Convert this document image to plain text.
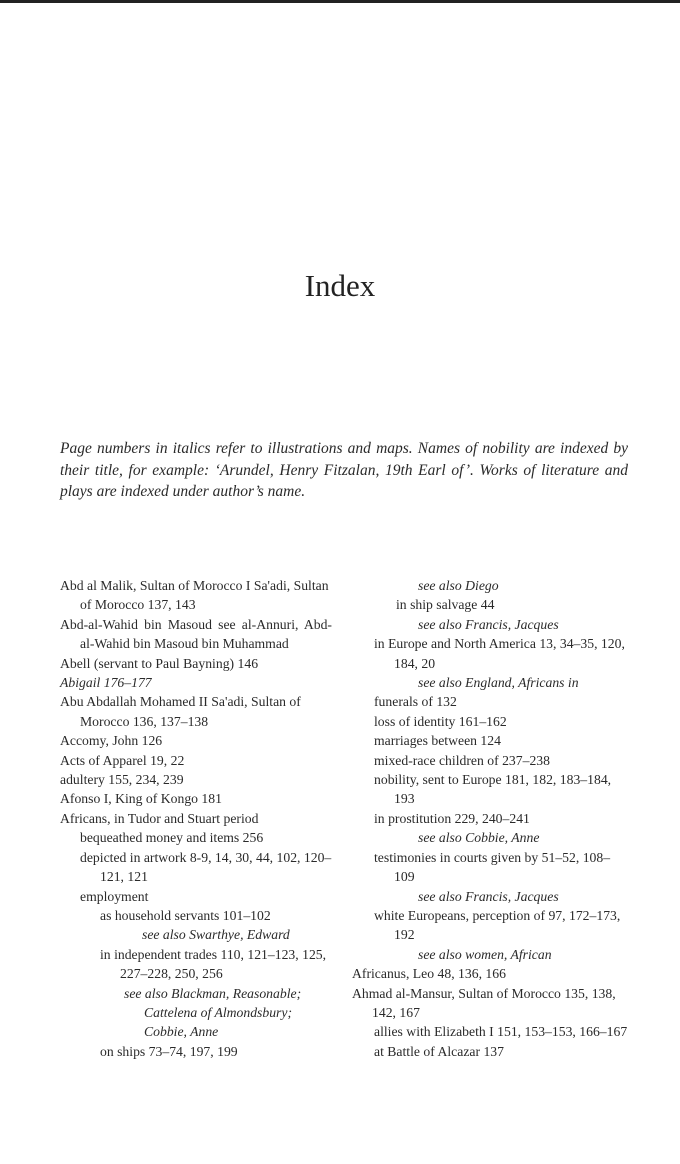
Index

Page numbers in italics refer to illustrations and maps. Names of nobility are indexed by their title, for example: ‘Arundel, Henry Fitzalan, 19th Earl of’. Works of literature and plays are indexed under author’s name.

Abd al Malik, Sultan of Morocco I Sa'adi, Sultan of Morocco 137, 143

Abd-al-Wahid bin Masoud see al-Annuri, Abd-al-Wahid bin Masoud bin Muhammad

Abell (servant to Paul Bayning) 146

Abigail 176–177

Abu Abdallah Mohamed II Sa'adi, Sultan of Morocco 136, 137–138

Accomy, John 126

Acts of Apparel 19, 22

adultery 155, 234, 239

Afonso I, King of Kongo 181

Africans, in Tudor and Stuart period

bequeathed money and items 256

depicted in artwork 8-9, 14, 30, 44, 102, 120–121, 121

employment

as household servants 101–102

see also Swarthye, Edward

in independent trades 110, 121–123, 125, 227–228, 250, 256

see also Blackman, Reasonable; Cattelena of Almondsbury; Cobbie, Anne

on ships 73–74, 197, 199

see also Diego

in ship salvage 44

see also Francis, Jacques

in Europe and North America 13, 34–35, 120, 184, 20

see also England, Africans in

funerals of 132

loss of identity 161–162

marriages between 124

mixed-race children of 237–238

nobility, sent to Europe 181, 182, 183–184, 193

in prostitution 229, 240–241

see also Cobbie, Anne

testimonies in courts given by 51–52, 108–109

see also Francis, Jacques

white Europeans, perception of 97, 172–173, 192

see also women, African

Africanus, Leo 48, 136, 166

Ahmad al-Mansur, Sultan of Morocco 135, 138, 142, 167

allies with Elizabeth I 151, 153–153, 166–167

at Battle of Alcazar 137
